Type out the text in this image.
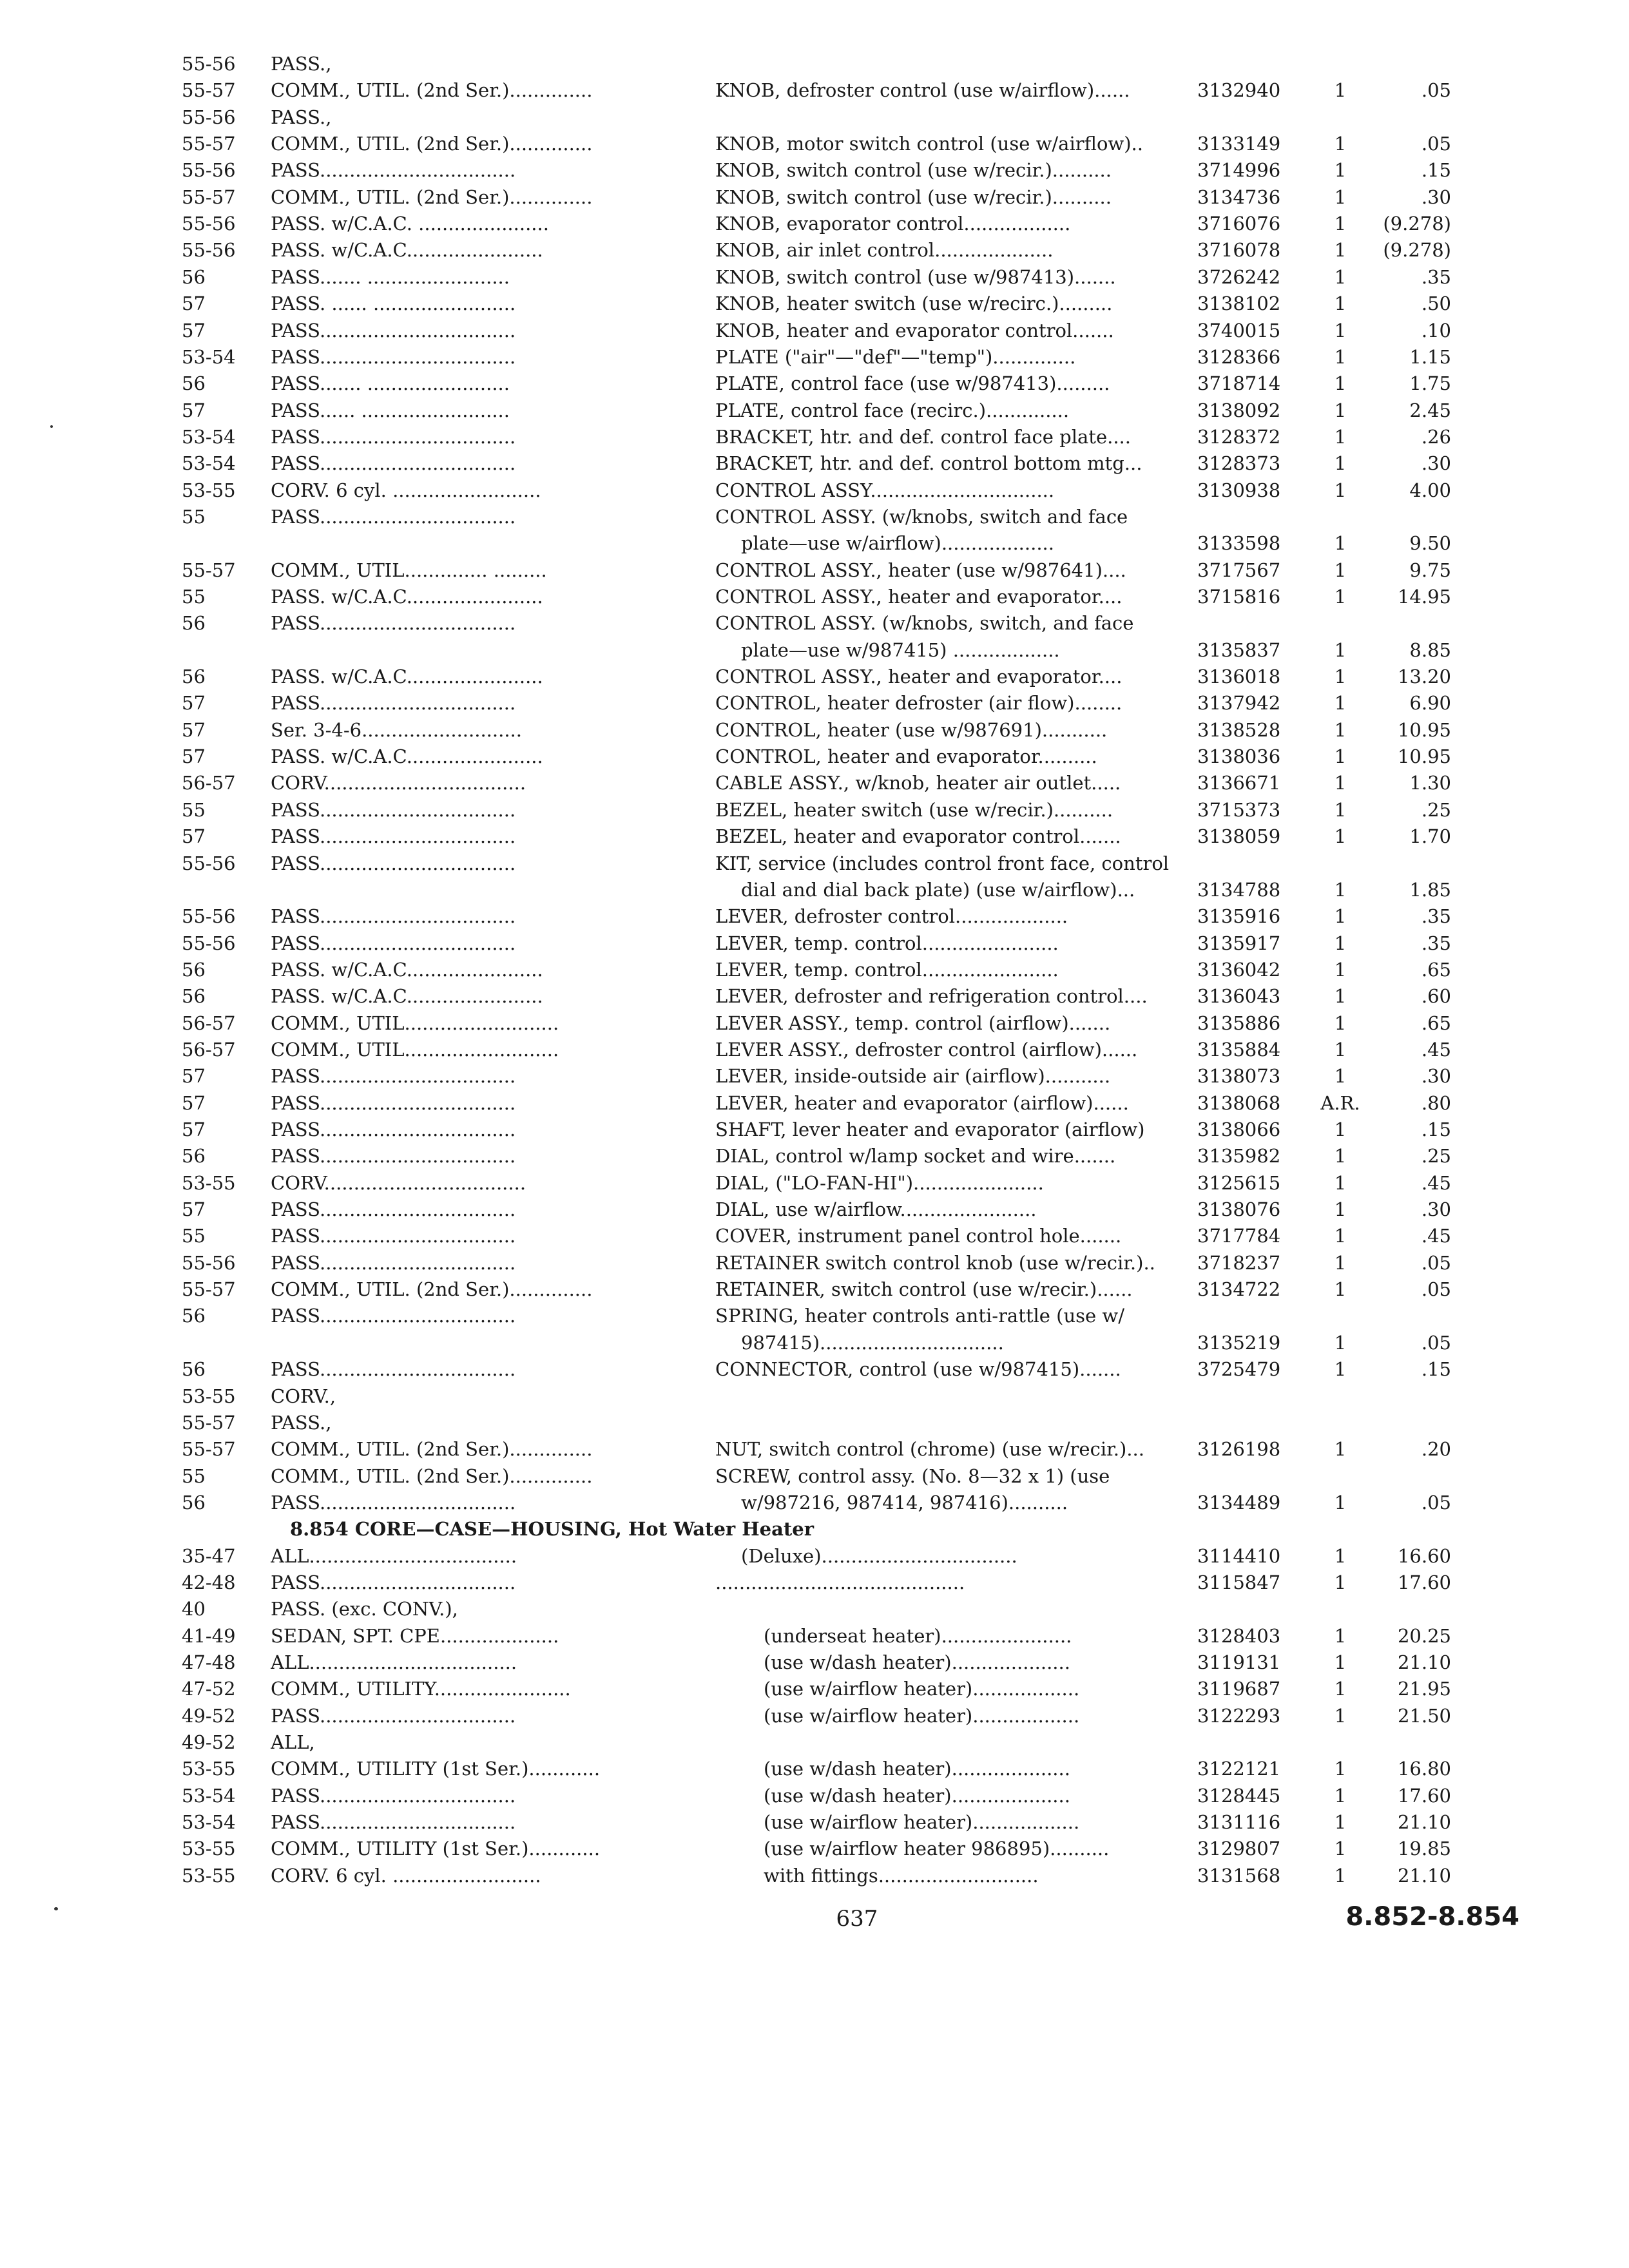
55-56	PASS.,
55-57	COMM., UTIL. (2nd Ser.)..............	KNOB, defroster control (use w/airflow)......	3132940	1	.05
55-56	PASS.,
55-57	COMM., UTIL. (2nd Ser.)..............	KNOB, motor switch control (use w/airflow)..	3133149	1	.05
55-56	PASS.................................	KNOB, switch control (use w/recir.)..........	3714996	1	.15
55-57	COMM., UTIL. (2nd Ser.)..............	KNOB, switch control (use w/recir.)..........	3134736	1	.30
55-56	PASS. w/C.A.C. ......................	KNOB, evaporator control..................	3716076	1	(9.278)
55-56	PASS. w/C.A.C.......................	KNOB, air inlet control....................	3716078	1	(9.278)
56	PASS....... ........................	KNOB, switch control (use w/987413).......	3726242	1	.35
57	PASS. ...... ........................	KNOB, heater switch (use w/recirc.).........	3138102	1	.50
57	PASS.................................	KNOB, heater and evaporator control.......	3740015	1	.10
53-54	PASS.................................	PLATE ("air"—"def"—"temp")..............	3128366	1	1.15
56	PASS....... ........................	PLATE, control face (use w/987413).........	3718714	1	1.75
57	PASS...... .........................	PLATE, control face (recirc.)..............	3138092	1	2.45
53-54	PASS.................................	BRACKET, htr. and def. control face plate....	3128372	1	.26
53-54	PASS.................................	BRACKET, htr. and def. control bottom mtg...	3128373	1	.30
53-55	CORV. 6 cyl. .........................	CONTROL ASSY...............................	3130938	1	4.00
55	PASS.................................	CONTROL ASSY. (w/knobs, switch and face
plate—use w/airflow)...................	3133598	1	9.50
55-57	COMM., UTIL.............. .........	CONTROL ASSY., heater (use w/987641)....	3717567	1	9.75
55	PASS. w/C.A.C.......................	CONTROL ASSY., heater and evaporator....	3715816	1	14.95
56	PASS.................................	CONTROL ASSY. (w/knobs, switch, and face
plate—use w/987415) ..................	3135837	1	8.85
56	PASS. w/C.A.C.......................	CONTROL ASSY., heater and evaporator....	3136018	1	13.20
57	PASS.................................	CONTROL, heater defroster (air flow)........	3137942	1	6.90
57	Ser. 3-4-6...........................	CONTROL, heater (use w/987691)...........	3138528	1	10.95
57	PASS. w/C.A.C.......................	CONTROL, heater and evaporator..........	3138036	1	10.95
56-57	CORV..................................	CABLE ASSY., w/knob, heater air outlet.....	3136671	1	1.30
55	PASS.................................	BEZEL, heater switch (use w/recir.)..........	3715373	1	.25
57	PASS.................................	BEZEL, heater and evaporator control.......	3138059	1	1.70
55-56	PASS.................................	KIT, service (includes control front face, control
dial and dial back plate) (use w/airflow)...	3134788	1	1.85
55-56	PASS.................................	LEVER, defroster control...................	3135916	1	.35
55-56	PASS.................................	LEVER, temp. control.......................	3135917	1	.35
56	PASS. w/C.A.C.......................	LEVER, temp. control.......................	3136042	1	.65
56	PASS. w/C.A.C.......................	LEVER, defroster and refrigeration control....	3136043	1	.60
56-57	COMM., UTIL..........................	LEVER ASSY., temp. control (airflow).......	3135886	1	.65
56-57	COMM., UTIL..........................	LEVER ASSY., defroster control (airflow)......	3135884	1	.45
57	PASS.................................	LEVER, inside-outside air (airflow)...........	3138073	1	.30
57	PASS.................................	LEVER, heater and evaporator (airflow)......	3138068	A.R.	.80
57	PASS.................................	SHAFT, lever heater and evaporator (airflow)	3138066	1	.15
56	PASS.................................	DIAL, control w/lamp socket and wire.......	3135982	1	.25
53-55	CORV..................................	DIAL, ("LO-FAN-HI")......................	3125615	1	.45
57	PASS.................................	DIAL, use w/airflow.......................	3138076	1	.30
55	PASS.................................	COVER, instrument panel control hole.......	3717784	1	.45
55-56	PASS.................................	RETAINER switch control knob (use w/recir.)..	3718237	1	.05
55-57	COMM., UTIL. (2nd Ser.)..............	RETAINER, switch control (use w/recir.)......	3134722	1	.05
56	PASS.................................	SPRING, heater controls anti-rattle (use w/
987415)...............................	3135219	1	.05
56	PASS.................................	CONNECTOR, control (use w/987415).......	3725479	1	.15
53-55	CORV.,
55-57	PASS.,
55-57	COMM., UTIL. (2nd Ser.)..............	NUT, switch control (chrome) (use w/recir.)...	3126198	1	.20
55	COMM., UTIL. (2nd Ser.)..............	SCREW, control assy. (No. 8—32 x 1) (use
56	PASS.................................	w/987216, 987414, 987416)..........	3134489	1	.05
8.854 CORE—CASE—HOUSING, Hot Water Heater
35-47	ALL...................................	(Deluxe).................................	3114410	1	16.60
42-48	PASS.................................	..........................................	3115847	1	17.60
40	PASS. (exc. CONV.),
41-49	SEDAN, SPT. CPE....................	(underseat heater)......................	3128403	1	20.25
47-48	ALL...................................	(use w/dash heater)....................	3119131	1	21.10
47-52	COMM., UTILITY.......................	(use w/airflow heater)..................	3119687	1	21.95
49-52	PASS.................................	(use w/airflow heater)..................	3122293	1	21.50
49-52	ALL,
53-55	COMM., UTILITY (1st Ser.)............	(use w/dash heater)....................	3122121	1	16.80
53-54	PASS.................................	(use w/dash heater)....................	3128445	1	17.60
53-54	PASS.................................	(use w/airflow heater)..................	3131116	1	21.10
53-55	COMM., UTILITY (1st Ser.)............	(use w/airflow heater 986895)..........	3129807	1	19.85
53-55	CORV. 6 cyl. .........................	with fittings...........................	3131568	1	21.10
637	8.852-8.854
